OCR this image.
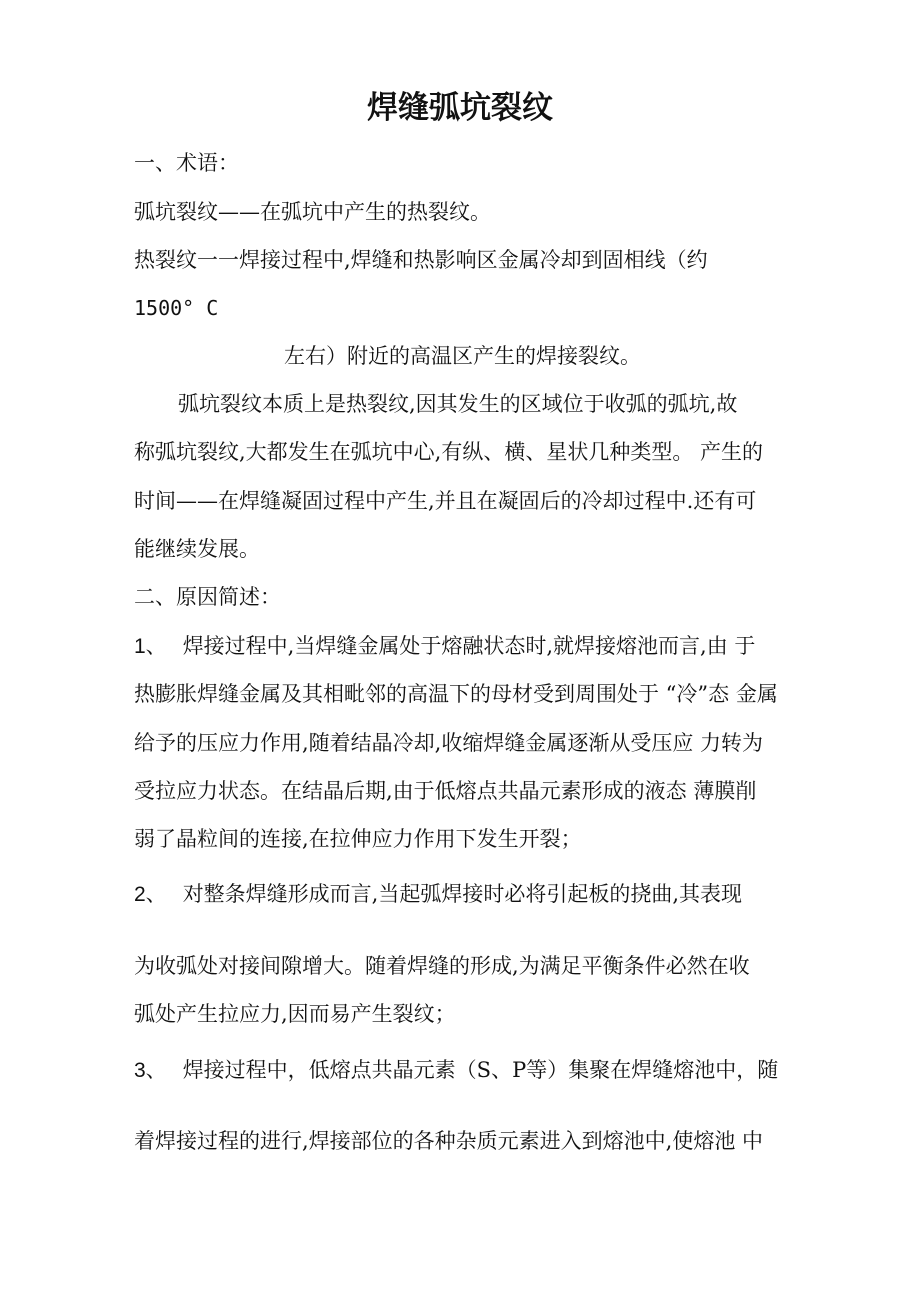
焊缝弧坑裂纹
一、术语：
弧坑裂纹——在弧坑中产生的热裂纹。
热裂纹一一焊接过程中,焊缝和热影响区金属冷却到固相线（约
1500° C
左右）附近的高温区产生的焊接裂纹。
弧坑裂纹本质上是热裂纹,因其发生的区域位于收弧的弧坑,故
称弧坑裂纹,大都发生在弧坑中心,有纵、横、星状几种类型。 产生的
时间——在焊缝凝固过程中产生,并且在凝固后的冷却过程中.还有可
能继续发展。
二、原因简述：
1、 焊接过程中,当焊缝金属处于熔融状态时,就焊接熔池而言,由 于
热膨胀焊缝金属及其相毗邻的高温下的母材受到周围处于 “冷”态 金属
给予的压应力作用,随着结晶冷却,收缩焊缝金属逐渐从受压应 力转为
受拉应力状态。在结晶后期,由于低熔点共晶元素形成的液态 薄膜削
弱了晶粒间的连接,在拉伸应力作用下发生开裂；
2、 对整条焊缝形成而言,当起弧焊接时必将引起板的挠曲,其表现
为收弧处对接间隙增大。随着焊缝的形成,为满足平衡条件必然在收
弧处产生拉应力,因而易产生裂纹；
3、 焊接过程中，低熔点共晶元素（S、P等）集聚在焊缝熔池中，随
着焊接过程的进行,焊接部位的各种杂质元素进入到熔池中,使熔池 中
